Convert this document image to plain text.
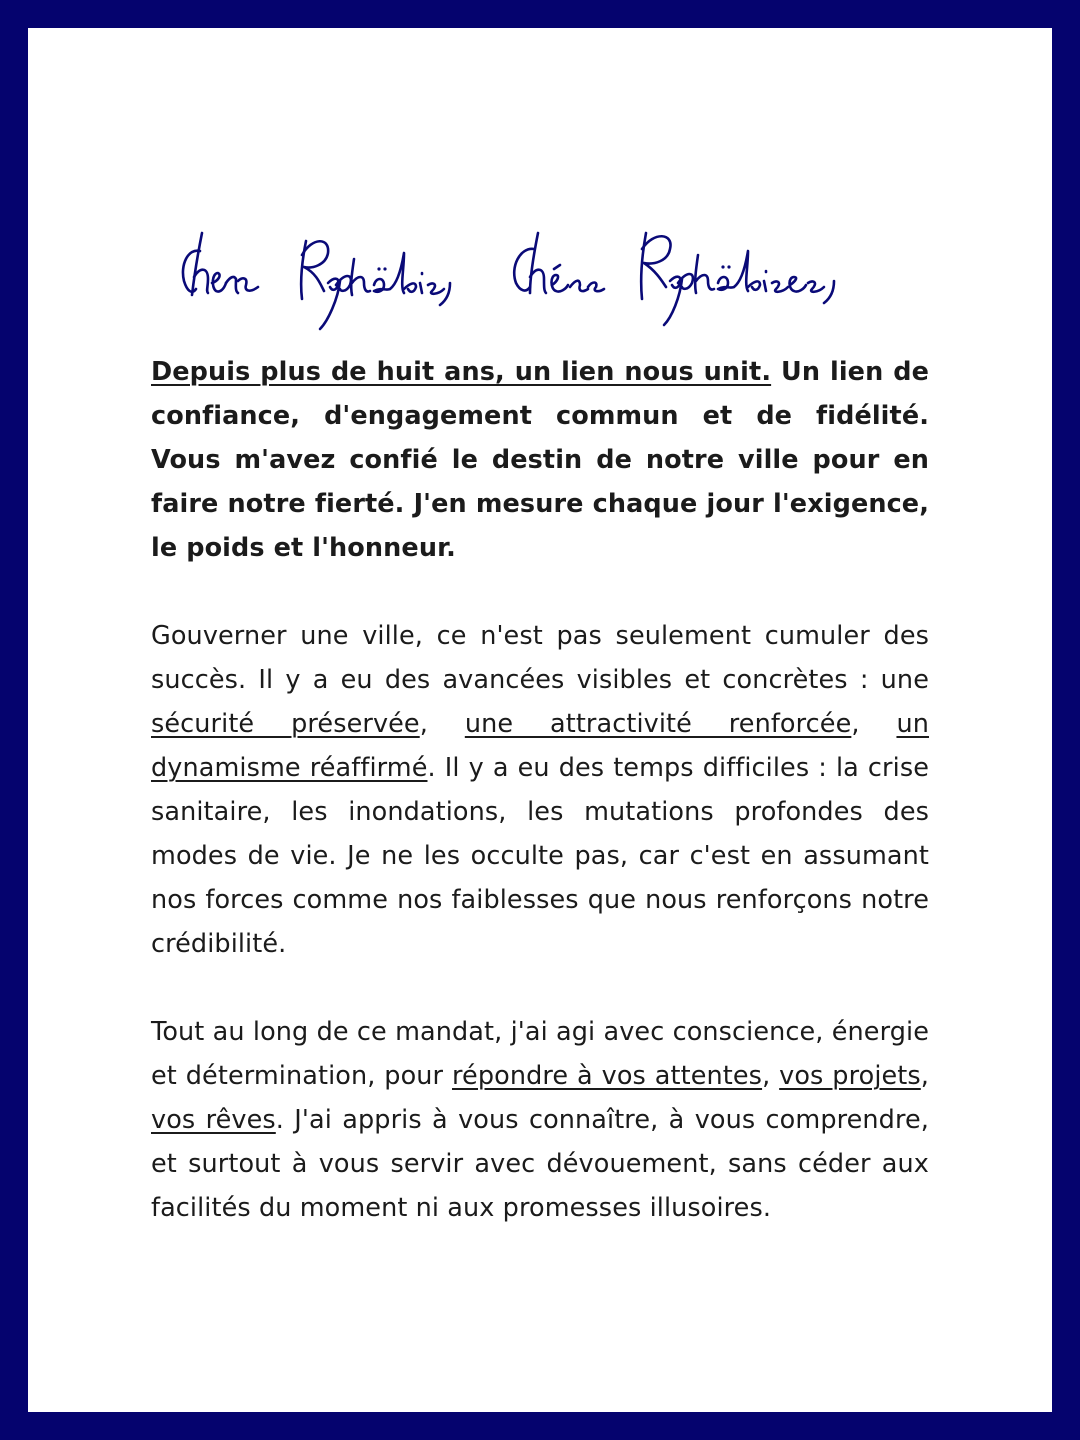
Depuis plus de huit ans, un lien nous unit. Un lien de confiance, d'engagement commun et de fidélité. Vous m'avez confié le destin de notre ville pour en faire notre fierté. J'en mesure chaque jour l'exigence, le poids et l'honneur.

Gouverner une ville, ce n'est pas seulement cumuler des succès. Il y a eu des avancées visibles et concrètes : une sécurité préservée, une attractivité renforcée, un dynamisme réaffirmé. Il y a eu des temps difficiles : la crise sanitaire, les inondations, les mutations profondes des modes de vie. Je ne les occulte pas, car c'est en assumant nos forces comme nos faiblesses que nous renforçons notre crédibilité.

Tout au long de ce mandat, j'ai agi avec conscience, énergie et détermination, pour répondre à vos attentes, vos projets, vos rêves. J'ai appris à vous connaître, à vous comprendre, et surtout à vous servir avec dévouement, sans céder aux facilités du moment ni aux promesses illusoires.
